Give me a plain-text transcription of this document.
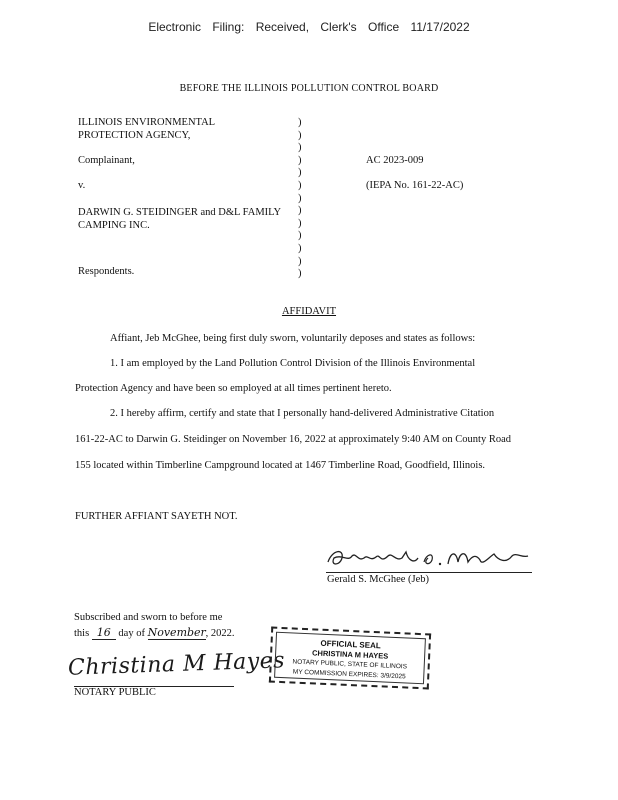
Electronic Filing: Received, Clerk's Office 11/17/2022
BEFORE THE ILLINOIS POLLUTION CONTROL BOARD
ILLINOIS ENVIRONMENTAL
PROTECTION AGENCY,
Complainant,
v.
DARWIN G. STEIDINGER and D&L FAMILY
CAMPING INC.
Respondents.
)
)
)
)
)
)
)
)
)
)
)
)
)
AC 2023-009
(IEPA No. 161-22-AC)
AFFIDAVIT
Affiant, Jeb McGhee, being first duly sworn, voluntarily deposes and states as follows:
1. I am employed by the Land Pollution Control Division of the Illinois Environmental
Protection Agency and have been so employed at all times pertinent hereto.
2. I hereby affirm, certify and state that I personally hand-delivered Administrative Citation
161-22-AC to Darwin G. Steidinger on November 16, 2022 at approximately 9:40 AM on County Road
155 located within Timberline Campground located at 1467 Timberline Road, Goodfield, Illinois.
FURTHER AFFIANT SAYETH NOT.
Gerald S. McGhee (Jeb)
Subscribed and sworn to before me
this 16 day of November, 2022.
Christina M Hayes
NOTARY PUBLIC
OFFICIAL SEAL
CHRISTINA M HAYES
NOTARY PUBLIC, STATE OF ILLINOIS
MY COMMISSION EXPIRES: 3/9/2025
